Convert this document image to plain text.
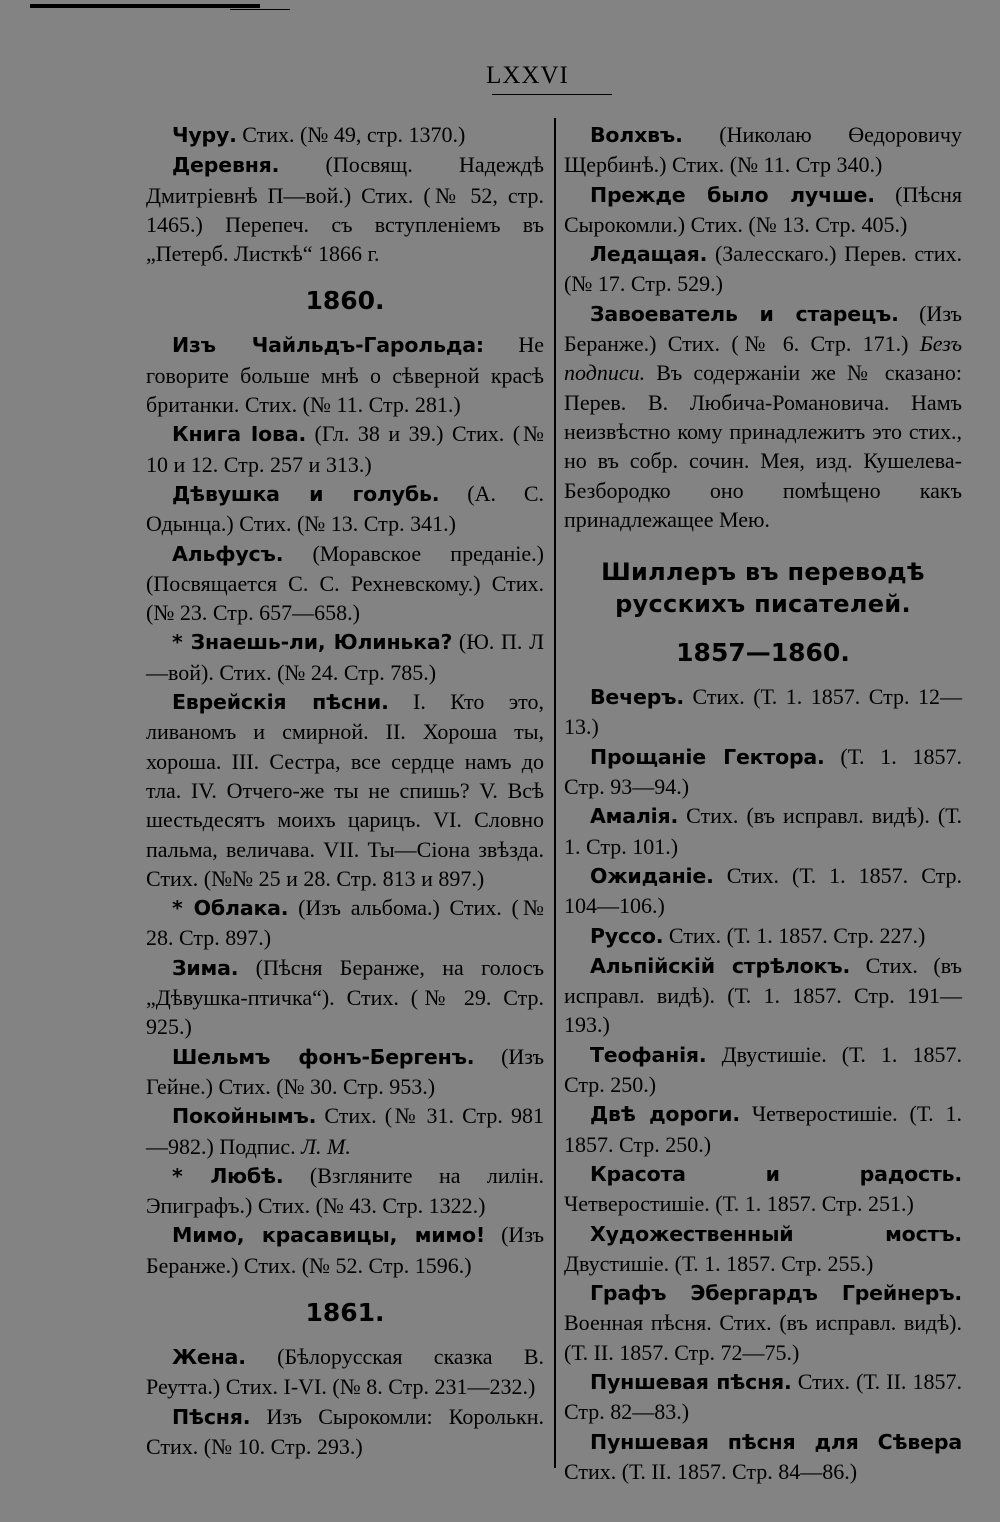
LXXVI

Чуру. Стих. (№ 49, стр. 1370.)

Деревня. (Посвящ. Надеждѣ Дмитріевнѣ П—вой.) Стих. (№ 52, стр. 1465.) Перепеч. съ вступленіемъ въ „Петерб. Листкѣ“ 1866 г.

1860.

Изъ Чайльдъ-Гарольда: Не говорите больше мнѣ о сѣверной красѣ британки. Стих. (№ 11. Стр. 281.)

Книга Іова. (Гл. 38 и 39.) Стих. (№ 10 и 12. Стр. 257 и 313.)

Дѣвушка и голубь. (А. С. Одынца.) Стих. (№ 13. Стр. 341.)

Альфусъ. (Моравское преданіе.) (Посвящается С. С. Рехневскому.) Стих. (№ 23. Стр. 657—658.)

* Знаешь-ли, Юлинька? (Ю. П. Л—вой). Стих. (№ 24. Стр. 785.)

Еврейскія пѣсни. I. Кто это, ливаномъ и смирной. II. Хороша ты, хороша. III. Сестра, все сердце намъ до тла. IV. Отчего-же ты не спишь? V. Всѣ шестьдесятъ моихъ царицъ. VI. Словно пальма, величава. VII. Ты—Сіона звѣзда. Стих. (№№ 25 и 28. Стр. 813 и 897.)

* Облака. (Изъ альбома.) Стих. (№ 28. Стр. 897.)

Зима. (Пѣсня Беранже, на голосъ „Дѣвушка-птичка“). Стих. (№ 29. Стр. 925.)

Шельмъ фонъ-Бергенъ. (Изъ Гейне.) Стих. (№ 30. Стр. 953.)

Покойнымъ. Стих. (№ 31. Стр. 981—982.) Подпис. Л. М.

* Любѣ. (Взгляните на лилін. Эпиграфъ.) Стих. (№ 43. Стр. 1322.)

Мимо, красавицы, мимо! (Изъ Беранже.) Стих. (№ 52. Стр. 1596.)

1861.

Жена. (Бѣлорусская сказка В. Реутта.) Стих. I-VI. (№ 8. Стр. 231—232.)

Пѣсня. Изъ Сырокомли: Королькн. Стих. (№ 10. Стр. 293.)

Волхвъ. (Николаю Өедоровичу Щербинѣ.) Стих. (№ 11. Стр 340.)

Прежде было лучше. (Пѣсня Сырокомли.) Стих. (№ 13. Стр. 405.)

Ледащая. (Залесскаго.) Перев. стих. (№ 17. Стр. 529.)

Завоеватель и старецъ. (Изъ Беранже.) Стих. (№ 6. Стр. 171.) Безъ подписи. Въ содержаніи же № сказано: Перев. В. Любича-Романовича. Намъ неизвѣстно кому принадлежитъ это стих., но въ собр. сочин. Мея, изд. Кушелева-Безбородко оно помѣщено какъ принадлежащее Мею.

Шиллеръ въ переводѣ русскихъ писателей.
1857—1860.

Вечеръ. Стих. (Т. 1. 1857. Стр. 12—13.)

Прощаніе Гектора. (Т. 1. 1857. Стр. 93—94.)

Амалія. Стих. (въ исправл. видѣ). (Т. 1. Стр. 101.)

Ожиданіе. Стих. (Т. 1. 1857. Стр. 104—106.)

Руссо. Стих. (Т. 1. 1857. Стр. 227.)

Альпійскій стрѣлокъ. Стих. (въ исправл. видѣ). (Т. 1. 1857. Стр. 191—193.)

Теофанія. Двустишіе. (Т. 1. 1857. Стр. 250.)

Двѣ дороги. Четверостишіе. (Т. 1. 1857. Стр. 250.)

Красота и радость. Четверостишіе. (Т. 1. 1857. Стр. 251.)

Художественный мостъ. Двустишіе. (Т. 1. 1857. Стр. 255.)

Графъ Эбергардъ Грейнеръ. Военная пѣсня. Стих. (въ исправл. видѣ). (Т. II. 1857. Стр. 72—75.)

Пуншевая пѣсня. Стих. (Т. II. 1857. Стр. 82—83.)

Пуншевая пѣсня для Сѣвера Стих. (Т. II. 1857. Стр. 84—86.)
